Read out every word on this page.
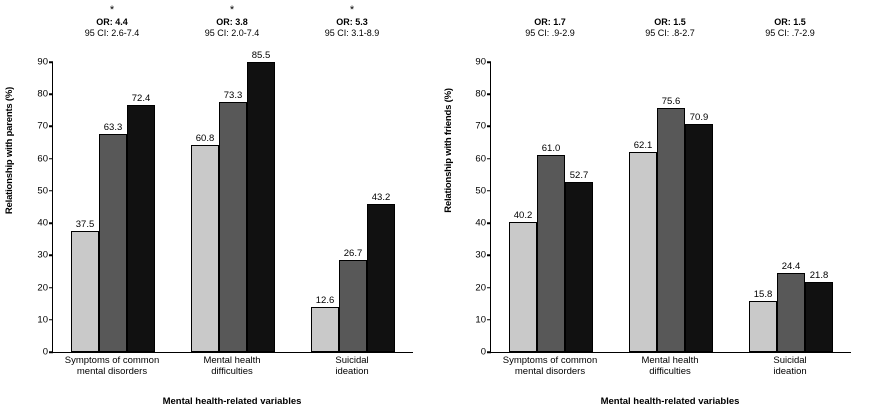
Relationship with parents (%)
*
OR: 4.4
95 CI: 2.6-7.4
*
OR: 3.8
95 CI: 2.0-7.4
*
OR: 5.3
95 CI: 3.1-8.9
90
80
70
60
50
40
30
20
10
0
37.5
63.3
72.4
60.8
73.3
85.5
12.6
26.7
43.2
Symptoms of common
mental disorders
Mental health
difficulties
Suicidal
ideation
Mental health-related variables
Relationship with friends (%)
OR: 1.7
95 CI: .9-2.9
OR: 1.5
95 CI: .8-2.7
OR: 1.5
95 CI: .7-2.9
90
80
70
60
50
40
30
20
10
0
40.2
61.0
52.7
62.1
75.6
70.9
15.8
24.4
21.8
Symptoms of common
mental disorders
Mental health
difficulties
Suicidal
ideation
Mental health-related variables
